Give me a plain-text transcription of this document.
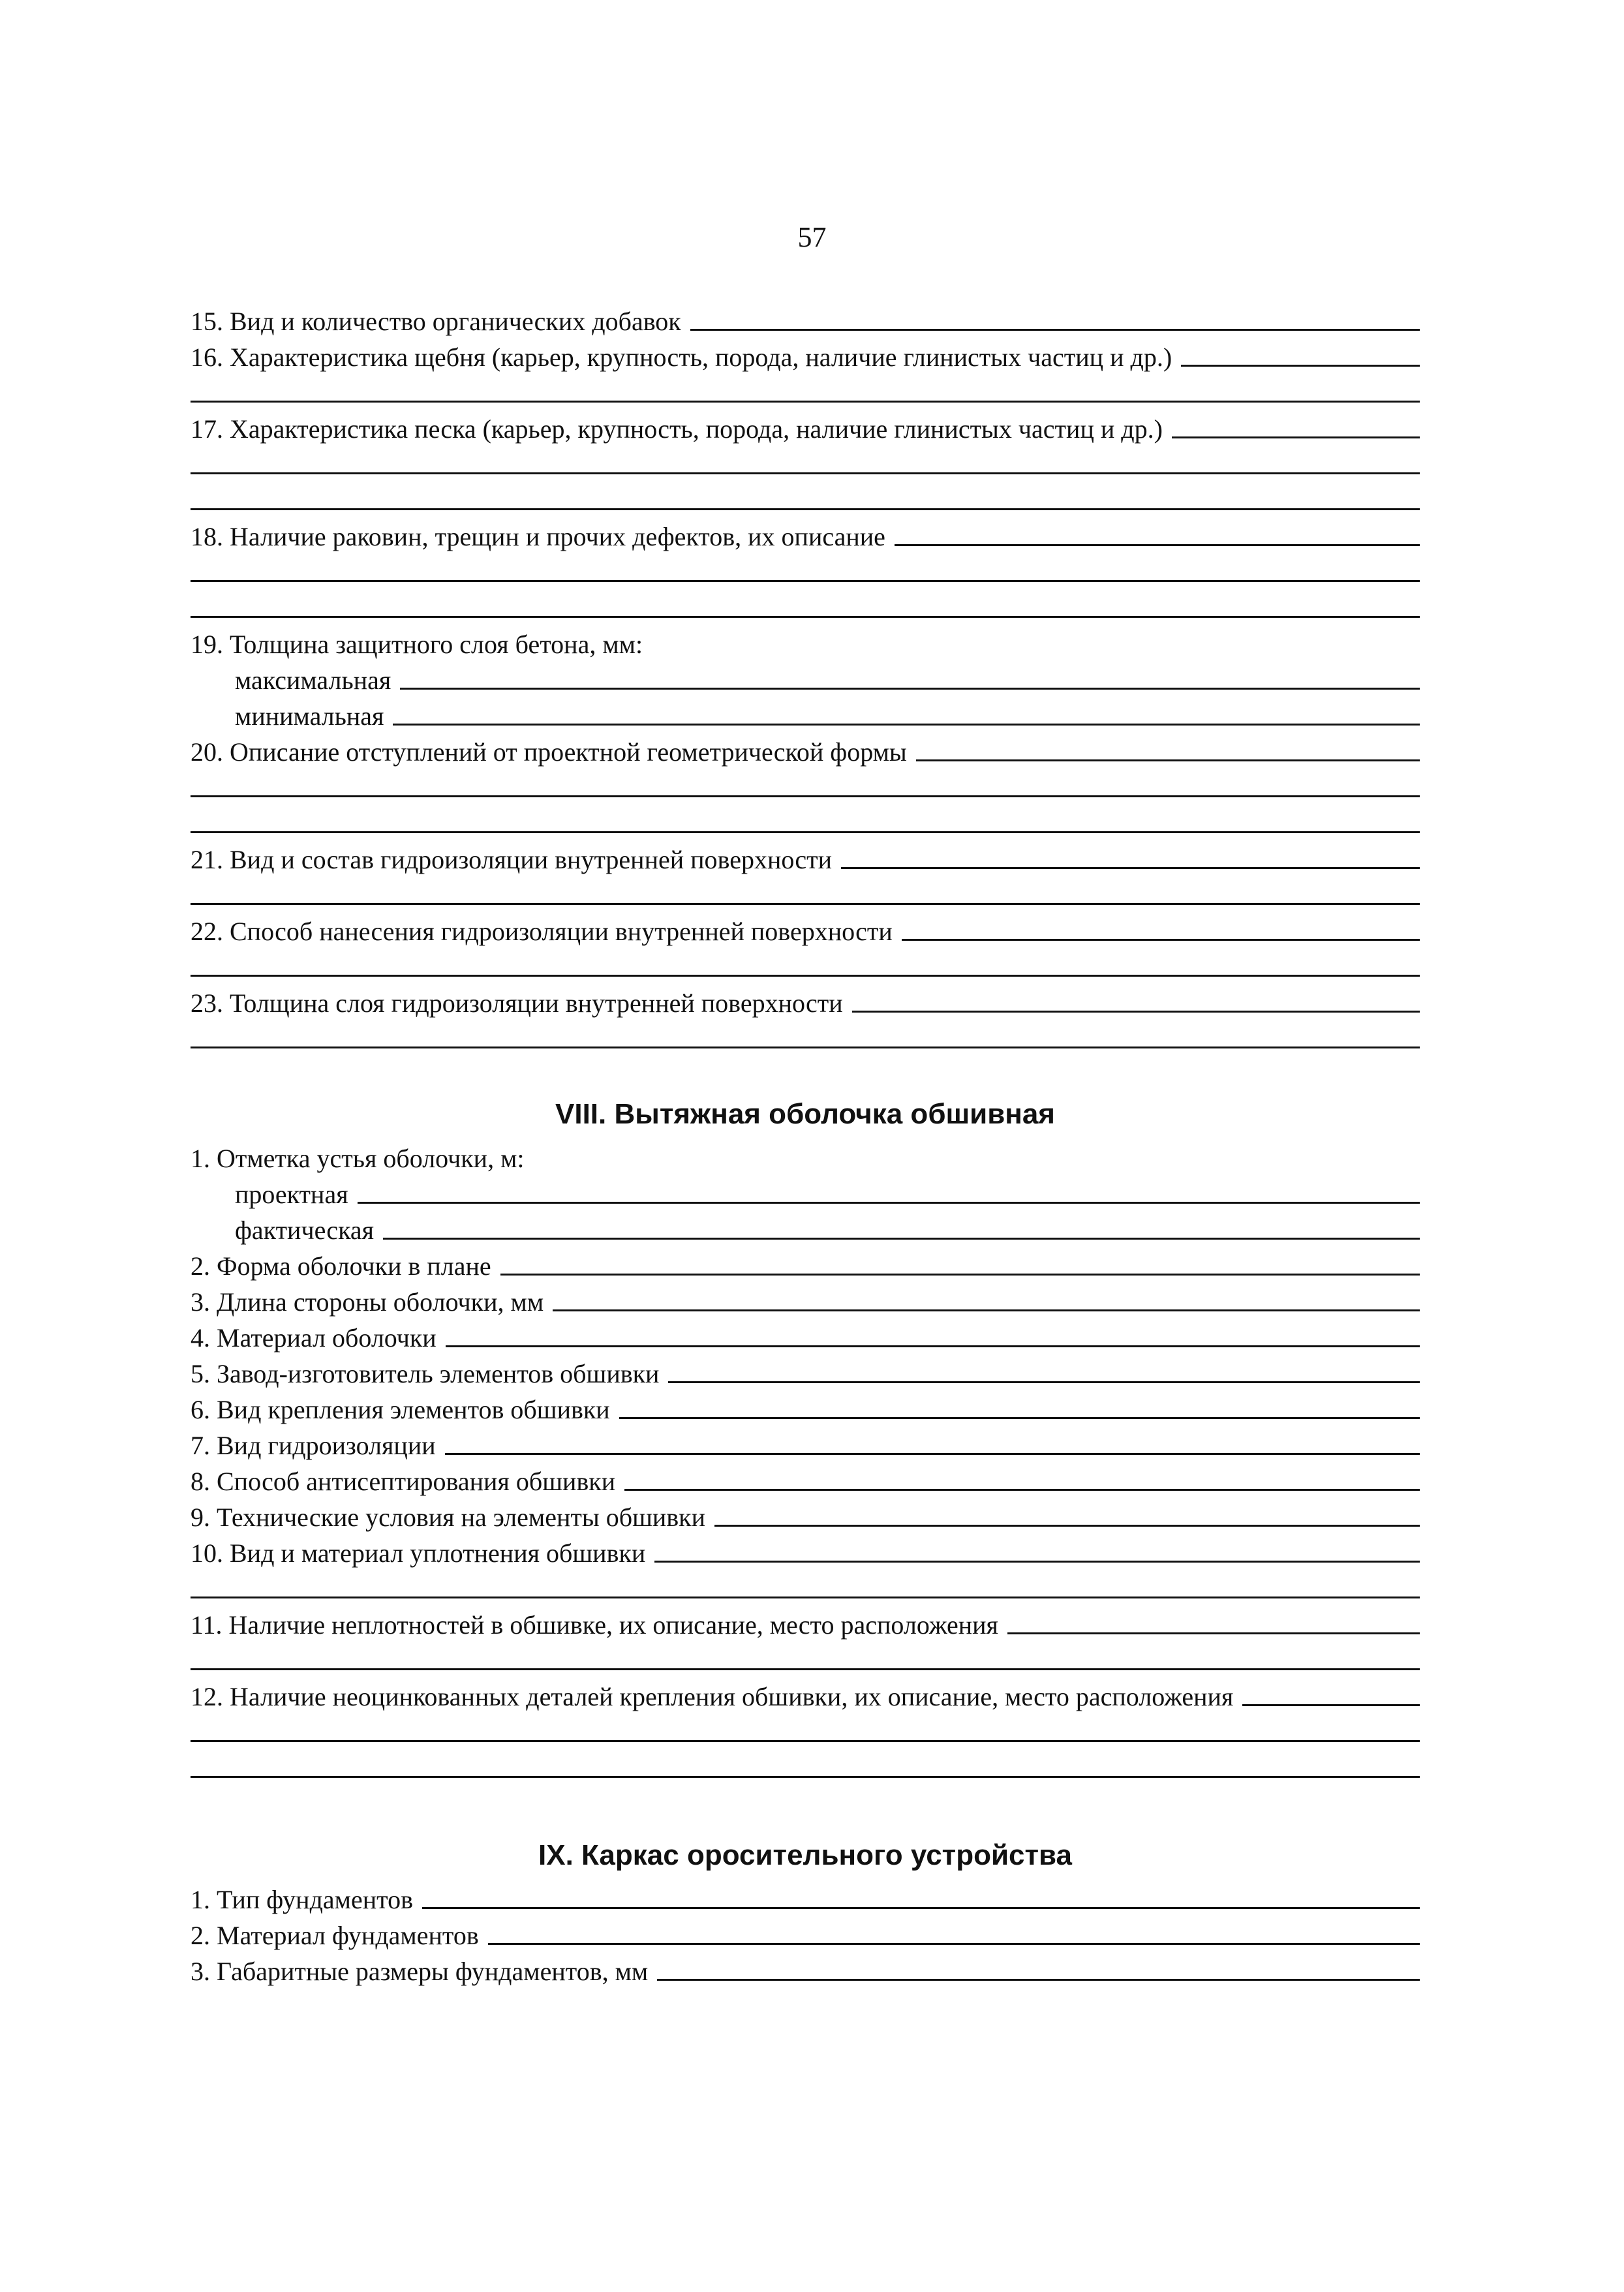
57
15. Вид и количество органических добавок
16. Характеристика щебня (карьер, крупность, порода, наличие глинистых частиц и др.)
17. Характеристика песка (карьер, крупность, порода, наличие глинистых частиц и др.)
18. Наличие раковин, трещин и прочих дефектов, их описание
19. Толщина защитного слоя бетона, мм:
максимальная
минимальная
20. Описание отступлений от проектной геометрической формы
21. Вид и состав гидроизоляции внутренней поверхности
22. Способ нанесения гидроизоляции внутренней поверхности
23. Толщина слоя гидроизоляции внутренней поверхности
VIII. Вытяжная оболочка обшивная
1. Отметка устья оболочки, м:
проектная
фактическая
2. Форма оболочки в плане
3. Длина стороны оболочки, мм
4. Материал оболочки
5. Завод-изготовитель элементов обшивки
6. Вид крепления элементов обшивки
7. Вид гидроизоляции
8. Способ антисептирования обшивки
9. Технические условия на элементы обшивки
10. Вид и материал уплотнения обшивки
11. Наличие неплотностей в обшивке, их описание, место расположения
12. Наличие неоцинкованных деталей крепления обшивки, их описание, место расположения
IX. Каркас оросительного устройства
1. Тип фундаментов
2. Материал фундаментов
3. Габаритные размеры фундаментов, мм
